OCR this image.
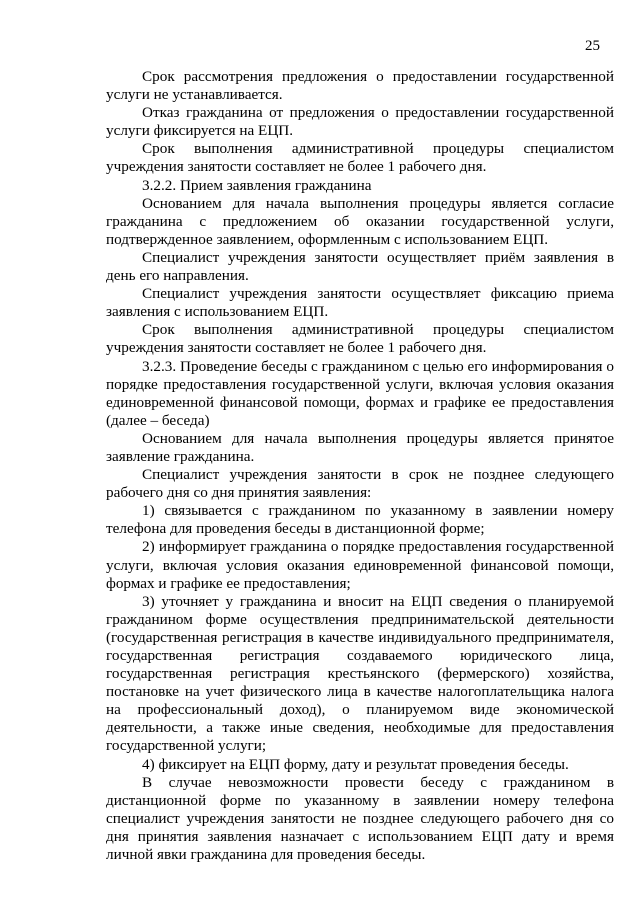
25

Срок рассмотрения предложения о предоставлении государственной услуги не устанавливается.

Отказ гражданина от предложения о предоставлении государственной услуги фиксируется на ЕЦП.

Срок выполнения административной процедуры специалистом учреждения занятости составляет не более 1 рабочего дня.

3.2.2. Прием заявления гражданина

Основанием для начала выполнения процедуры является согласие гражданина с предложением об оказании государственной услуги, подтвержденное заявлением, оформленным с использованием ЕЦП.

Специалист учреждения занятости осуществляет приём заявления в день его направления.

Специалист учреждения занятости осуществляет фиксацию приема заявления с использованием ЕЦП.

Срок выполнения административной процедуры специалистом учреждения занятости составляет не более 1 рабочего дня.

3.2.3. Проведение беседы с гражданином с целью его информирования о порядке предоставления государственной услуги, включая условия оказания единовременной финансовой помощи, формах и графике ее предоставления (далее – беседа)

Основанием для начала выполнения процедуры является принятое заявление гражданина.

Специалист учреждения занятости в срок не позднее следующего рабочего дня со дня принятия заявления:

1) связывается с гражданином по указанному в заявлении номеру телефона для проведения беседы в дистанционной форме;

2) информирует гражданина о порядке предоставления государственной услуги, включая условия оказания единовременной финансовой помощи, формах и графике ее предоставления;

3) уточняет у гражданина и вносит на ЕЦП сведения о планируемой гражданином форме осуществления предпринимательской деятельности (государственная регистрация в качестве индивидуального предпринимателя, государственная регистрация создаваемого юридического лица, государственная регистрация крестьянского (фермерского) хозяйства, постановке на учет физического лица в качестве налогоплательщика налога на профессиональный доход), о планируемом виде экономической деятельности, а также иные сведения, необходимые для предоставления государственной услуги;

4) фиксирует на ЕЦП форму, дату и результат проведения беседы.

В случае невозможности провести беседу с гражданином в дистанционной форме по указанному в заявлении номеру телефона специалист учреждения занятости не позднее следующего рабочего дня со дня принятия заявления назначает с использованием ЕЦП дату и время личной явки гражданина для проведения беседы.
